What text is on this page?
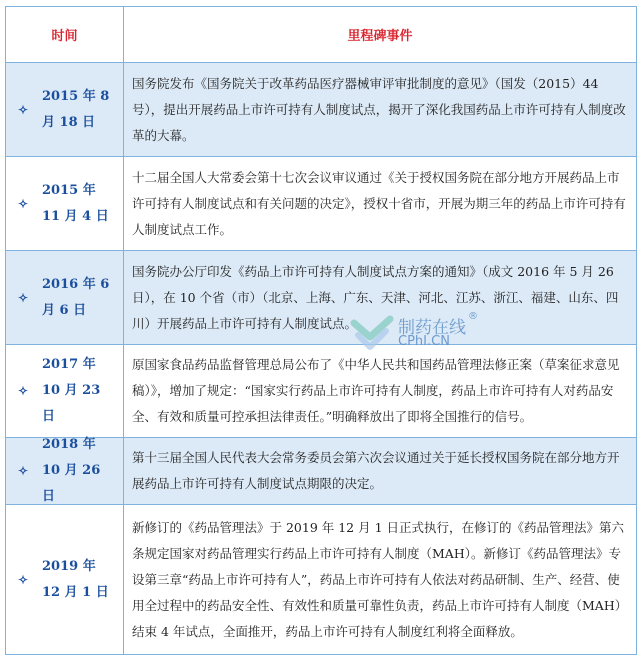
时间	里程碑事件
✧
2015 年 8 月 18 日
国务院发布《国务院关于改革药品医疗器械审评审批制度的意见》（国发（2015）44 号），提出开展药品上市许可持有人制度试点，揭开了深化我国药品上市许可持有人制度改革的大幕。
✧
2015 年 11 月 4 日
十二届全国人大常委会第十七次会议审议通过《关于授权国务院在部分地方开展药品上市许可持有人制度试点和有关问题的决定》，授权十省市，开展为期三年的药品上市许可持有人制度试点工作。
✧
2016 年 6 月 6 日
国务院办公厅印发《药品上市许可持有人制度试点方案的通知》（成文 2016 年 5 月 26 日），在 10 个省（市）（北京、上海、广东、天津、河北、江苏、浙江、福建、山东、四川）开展药品上市许可持有人制度试点。
✧
2017 年 10 月 23 日
原国家食品药品监督管理总局公布了《中华人民共和国药品管理法修正案（草案征求意见稿）》，增加了规定：“国家实行药品上市许可持有人制度，药品上市许可持有人对药品安全、有效和质量可控承担法律责任。”明确释放出了即将全国推行的信号。
✧
2018 年 10 月 26 日
第十三届全国人民代表大会常务委员会第六次会议通过关于延长授权国务院在部分地方开展药品上市许可持有人制度试点期限的决定。
✧
2019 年 12 月 1 日
新修订的《药品管理法》于 2019 年 12 月 1 日正式执行，在修订的《药品管理法》第六条规定国家对药品管理实行药品上市许可持有人制度（MAH）。新修订《药品管理法》专设第三章“药品上市许可持有人”，药品上市许可持有人依法对药品研制、生产、经营、使用全过程中的药品安全性、有效性和质量可靠性负责，药品上市许可持有人制度（MAH）结束 4 年试点，全面推开，药品上市许可持有人制度红利将全面释放。
制药在线
®
CPhI.CN
